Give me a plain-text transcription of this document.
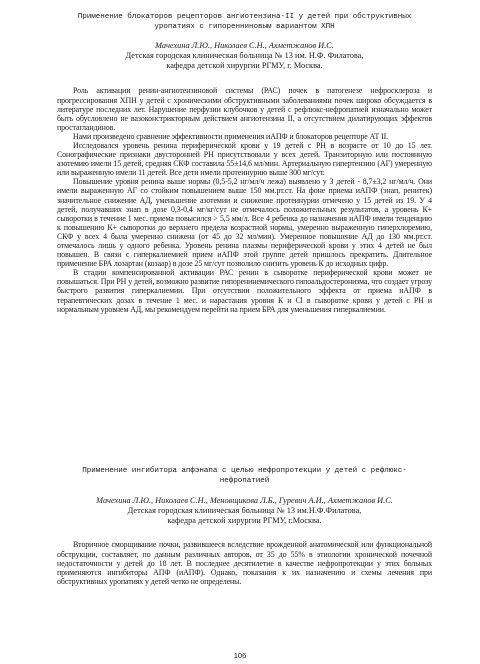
Применение блокаторов рецепторов ангиотензина-II у детей при обструктивных
уропатиях с гипоренниновым вариантом ХПН

Мачехина Л.Ю., Николаев С.Н., Ахметжанов И.С.

Детская городская клиническая больница № 13 им. Н.Ф. Филатова,
кафедра детской хирургии РГМУ, г. Москва.

Роль активации ренин-ангиотензиновой системы (РАС) почек в патогенезе нефросклероза и прогрессирования ХПН у детей с хроническими обструктивными заболеваниями почек широко обсуждается в литературе последних лет. Нарушение перфузии клубочков у детей с рефлюкс-нефропатией изначально может быть обусловлено не вазоконстрикторным действием ангиотензина II, а отсутствием дилатирующих эффектов простагландинов.

Нами произведено сравнение эффективности применения иАПФ и блокаторов рецепторе АТ II.

Исследовался уровень ренина периферической крови у 19 детей с РН в возрасте от 10 до 15 лет. Сонографические признаки двусторонней РН присутствовали у всех детей. Транзиторную или постоянную азотемию имели 15 детей, средняя СКФ составила 55±14,6 мл/мин. Артериальную гипертензию (АГ) умеренную или выраженную имели 11 детей. Все дети имели протеинурию выше 300 мг/сут.

Повышение уровня ренина выше нормы (0,5-5,2 нг/мл/ч лежа) выявлено у 3 детей - 8,7±3,2 нг/мл/ч. Они имели выраженную АГ со стойким повышением выше 150 мм.рт.ст. На фоне приема иАПФ (энап, ренитек) значительное снижение АД, уменьшение азотемии и снижение протеинурии отмечено у 15 детей из 19. У 4 детей, получавших энап в дозе 0,3-0,4 мг/кг/сут не отмечалось положительных результатов, а уровень К+ сыворотки в течение 1 мес. приема повысился > 5,5 мм/л. Все 4 ребенка до назначения иАПФ имели тенденцию к повышению К+ сыворотки до верхнего предела возрастной нормы, умеренно выраженную гиперхлоремию, СКФ у всех 4 была умеренно снижена (от 45 до 32 мл/мин). Умеренное повышение АД до 130 мм.рт.ст. отмечалось лишь у одного ребенка. Уровень ренина плазмы периферической крови у этих 4 детей не был повышен. В связи с гиперкалиемией прием иАПФ этой группе детей пришлось прекратить. Длительное применение БРА лозартан (козаар) в дозе 25 мг/сут позволило снизить уровень К до исходных цифр.

В стадии компенсированной активации РАС ренин в сыворотке периферической крови может не повышаться. При РН у детей, возможно развитие гипоренинемического гипоальдостеронизма, что создает угрозу быстрого развития гиперкалиемии. При отсутствии положительного эффекта от приема иАПФ в терапевтических дозах в течение 1 мес. и нарастания уровня К и Cl в сыворотке крови у детей с РН и нормальным уровнем АД, мы рекомендуем перейти на прием БРА для уменьшения гиперкалиемии.

Применение ингибитора апфэнапа с целью нефропротекции у детей с рефлюкс-
нефропатией

Мачехина Л.Ю., Николаев С.Н., Меновщикова Л.Б., Гуревич А.И., Ахметжанов И.С.

Детская городская клиническая больница № 13 им.Н.Ф.Филатова,
кафедра детской хирургии РГМУ, г.Москва.

Вторичное сморщивание почки, развившееся вследствие врожденной анатомической или функциональной обструкции, составляет, по данным различных авторов, от 35 до 55% в этиологии хронической почечной недостаточности у детей до 18 лет. В последнее десятилетие в качестве нефропротекции у этих больных применяются ингибиторы АПФ (иАПФ). Однако, показания к их назначению и схемы лечения при обструктивных уропатиях у детей четко не определены.

106
